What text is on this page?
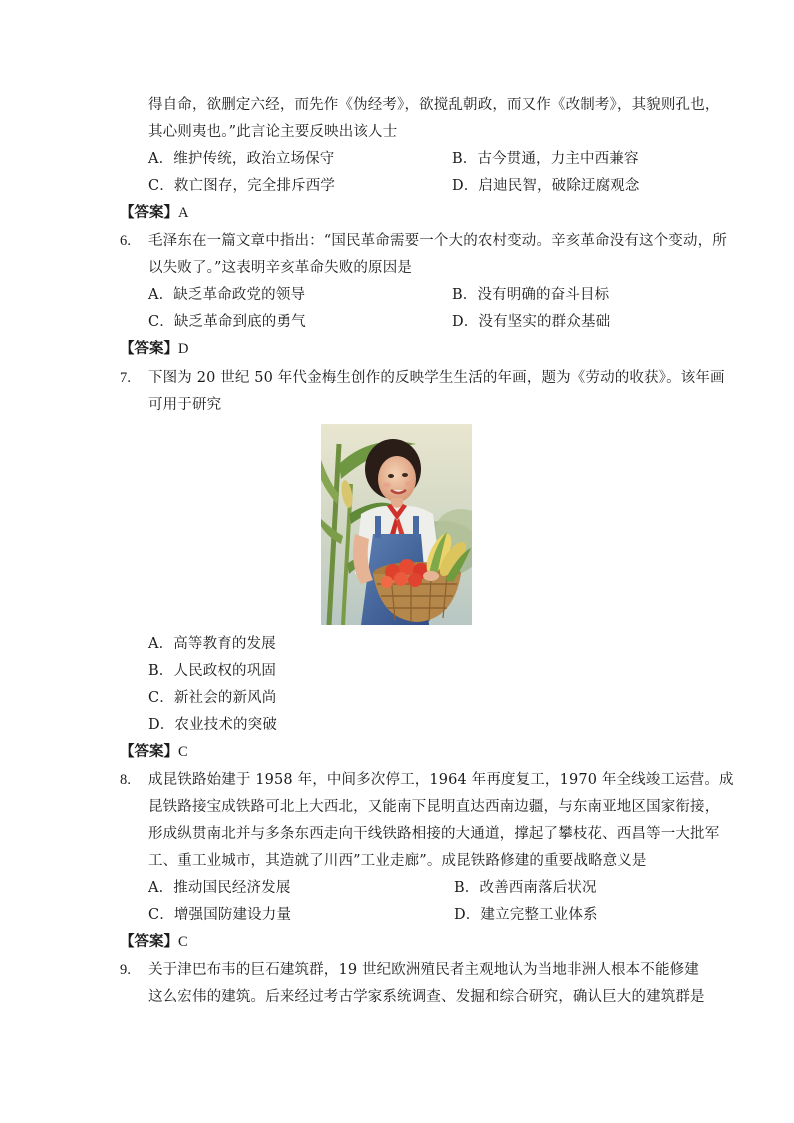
得自命，欲删定六经，而先作《伪经考》，欲搅乱朝政，而又作《改制考》，其貌则孔也，
其心则夷也。”此言论主要反映出该人士
A．维护传统，政治立场保守	B．古今贯通，力主中西兼容
C．救亡图存，完全排斥西学	D．启迪民智，破除迂腐观念
【答案】A
6. 毛泽东在一篇文章中指出：“国民革命需要一个大的农村变动。辛亥革命没有这个变动，所
以失败了。”这表明辛亥革命失败的原因是
A．缺乏革命政党的领导	B．没有明确的奋斗目标
C．缺乏革命到底的勇气	D．没有坚实的群众基础
【答案】D
7. 下图为 20 世纪 50 年代金梅生创作的反映学生生活的年画，题为《劳动的收获》。该年画
可用于研究
A．高等教育的发展
B．人民政权的巩固
C．新社会的新风尚
D．农业技术的突破
【答案】C
8. 成昆铁路始建于 1958 年，中间多次停工，1964 年再度复工，1970 年全线竣工运营。成
昆铁路接宝成铁路可北上大西北，又能南下昆明直达西南边疆，与东南亚地区国家衔接，
形成纵贯南北并与多条东西走向干线铁路相接的大通道，撑起了攀枝花、西昌等一大批军
工、重工业城市，其造就了川西”工业走廊”。成昆铁路修建的重要战略意义是
A．推动国民经济发展	B．改善西南落后状况
C．增强国防建设力量	D．建立完整工业体系
【答案】C
9. 关于津巴布韦的巨石建筑群，19 世纪欧洲殖民者主观地认为当地非洲人根本不能修建
这么宏伟的建筑。后来经过考古学家系统调查、发掘和综合研究，确认巨大的建筑群是
